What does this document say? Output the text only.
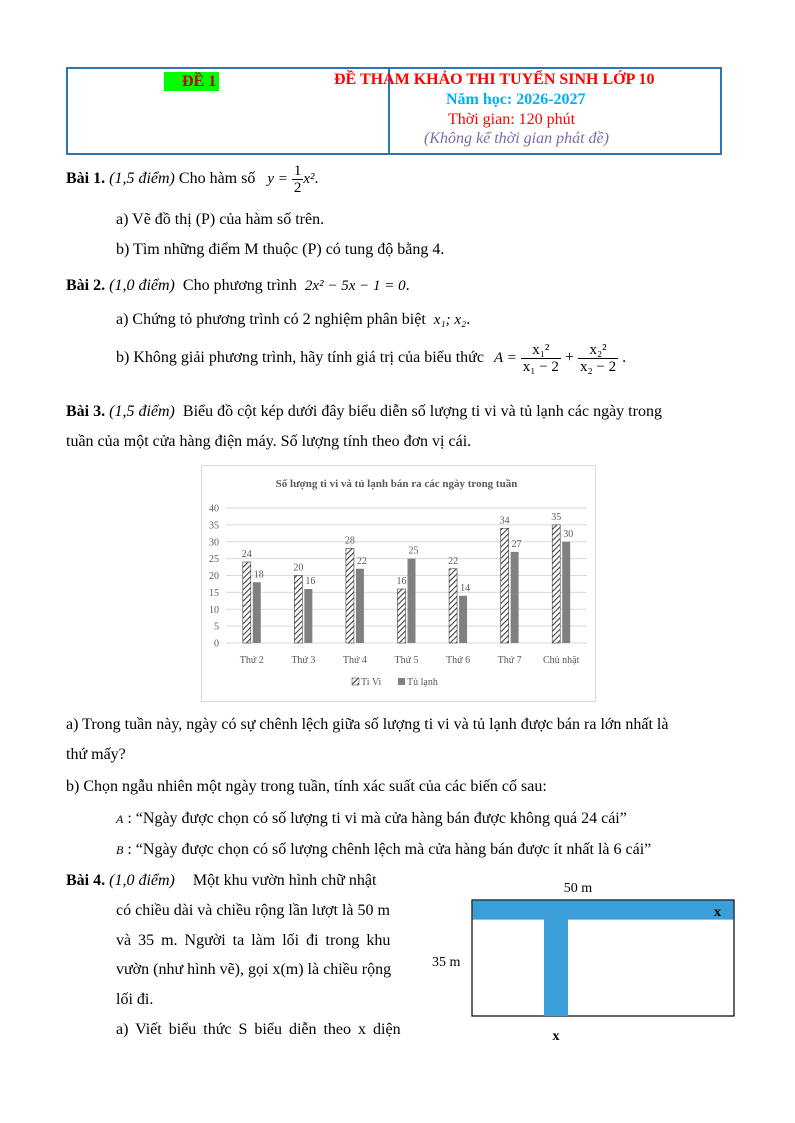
ĐỀ 1	ĐỀ THAM KHẢO THI TUYỂN SINH LỚP 10
Năm học: 2026-2027
Thời gian: 120 phút
(Không kể thời gian phát đề)
Bài 1. (1,5 điểm) Cho hàm số $y = \frac{1}{2} x^2$.
a) Vẽ đồ thị (P) của hàm số trên.
b) Tìm những điểm M thuộc (P) có tung độ bằng 4.
Bài 2. (1,0 điểm) Cho phương trình 2x² − 5x − 1 = 0.
a) Chứng tỏ phương trình có 2 nghiệm phân biệt x₁; x₂.
b) Không giải phương trình, hãy tính giá trị của biểu thức $A = \frac{\text{x₁²}}{\text{x₁ − 2}} + \frac{\text{x₂²}}{\text{x₂ − 2}}$ .
Bài 3. (1,5 điểm) Biểu đồ cột kép dưới đây biểu diễn số lượng ti vi và tủ lạnh các ngày trong
tuần của một cửa hàng điện máy. Số lượng tính theo đơn vị cái.
Số lượng ti vi và tủ lạnh bán ra các ngày trong tuần
0
5
10
15
20
25
30
35
40
Thứ 2
24
18
Thứ 3
20
16
Thứ 4
28
22
Thứ 5
16
25
Thứ 6
22
14
Thứ 7
34
27
Chủ nhật
35
30
Ti Vi	Tủ lạnh
a) Trong tuần này, ngày có sự chênh lệch giữa số lượng ti vi và tủ lạnh được bán ra lớn nhất là
thứ mấy?
b) Chọn ngẫu nhiên một ngày trong tuần, tính xác suất của các biến cố sau:
A : “Ngày được chọn có số lượng ti vi mà cửa hàng bán được không quá 24 cái”
B : “Ngày được chọn có số lượng chênh lệch mà cửa hàng bán được ít nhất là 6 cái”
Bài 4. (1,0 điểm) Một khu vườn hình chữ nhật
có chiều dài và chiều rộng lần lượt là 50 m
và 35 m. Người ta làm lối đi trong khu
vườn (như hình vẽ), gọi x(m) là chiều rộng
lối đi.
a) Viết biểu thức S biểu diễn theo x diện
50 m
35 m
x
x
